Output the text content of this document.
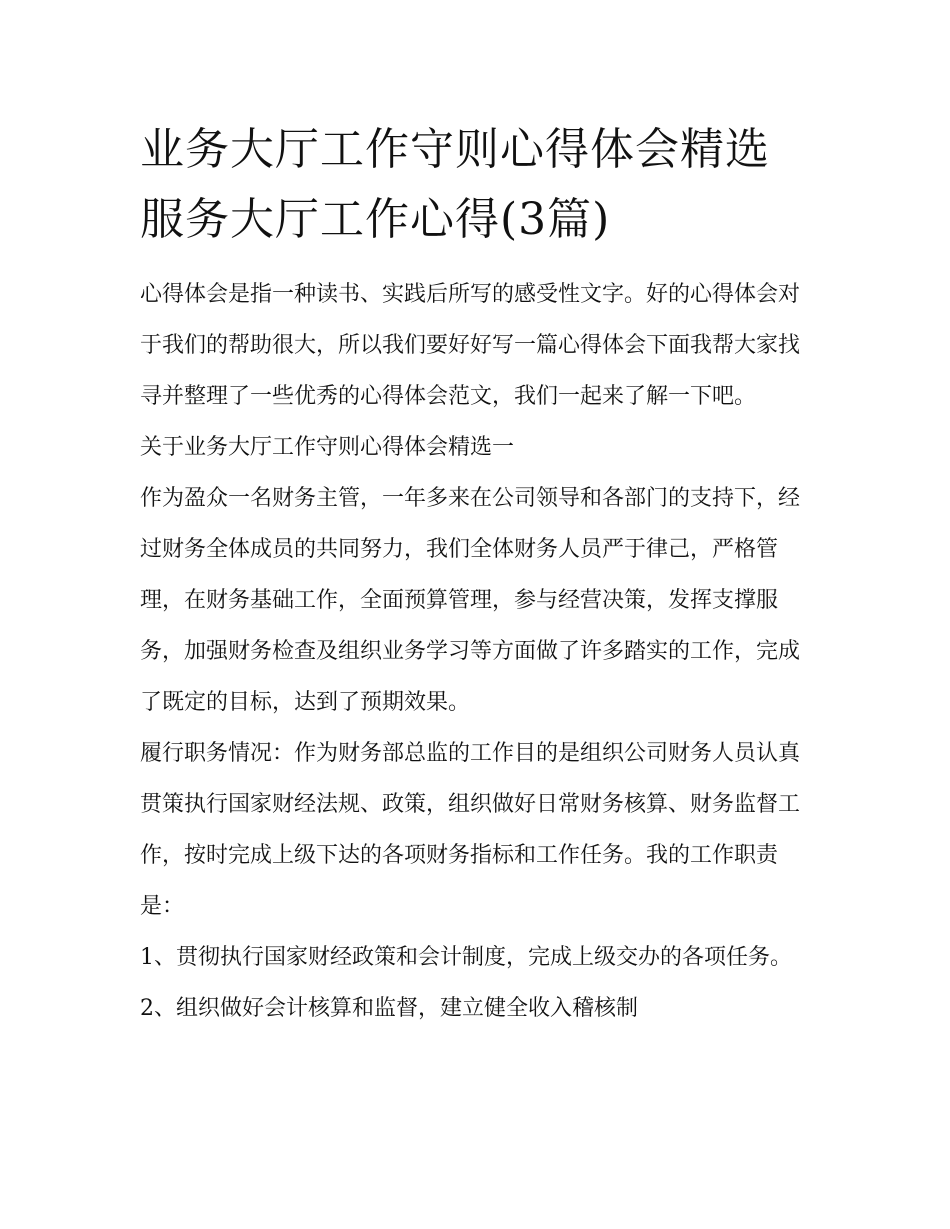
业务大厅工作守则心得体会精选 服务大厅工作心得(3篇)

心得体会是指一种读书、实践后所写的感受性文字。好的心得体会对于我们的帮助很大，所以我们要好好写一篇心得体会下面我帮大家找寻并整理了一些优秀的心得体会范文，我们一起来了解一下吧。

关于业务大厅工作守则心得体会精选一

作为盈众一名财务主管，一年多来在公司领导和各部门的支持下，经过财务全体成员的共同努力，我们全体财务人员严于律己，严格管理，在财务基础工作，全面预算管理，参与经营决策，发挥支撑服务，加强财务检查及组织业务学习等方面做了许多踏实的工作，完成了既定的目标，达到了预期效果。

履行职务情况：作为财务部总监的工作目的是组织公司财务人员认真贯策执行国家财经法规、政策，组织做好日常财务核算、财务监督工作，按时完成上级下达的各项财务指标和工作任务。我的工作职责是：

1、贯彻执行国家财经政策和会计制度，完成上级交办的各项任务。 2、组织做好会计核算和监督，建立健全收入稽核制
